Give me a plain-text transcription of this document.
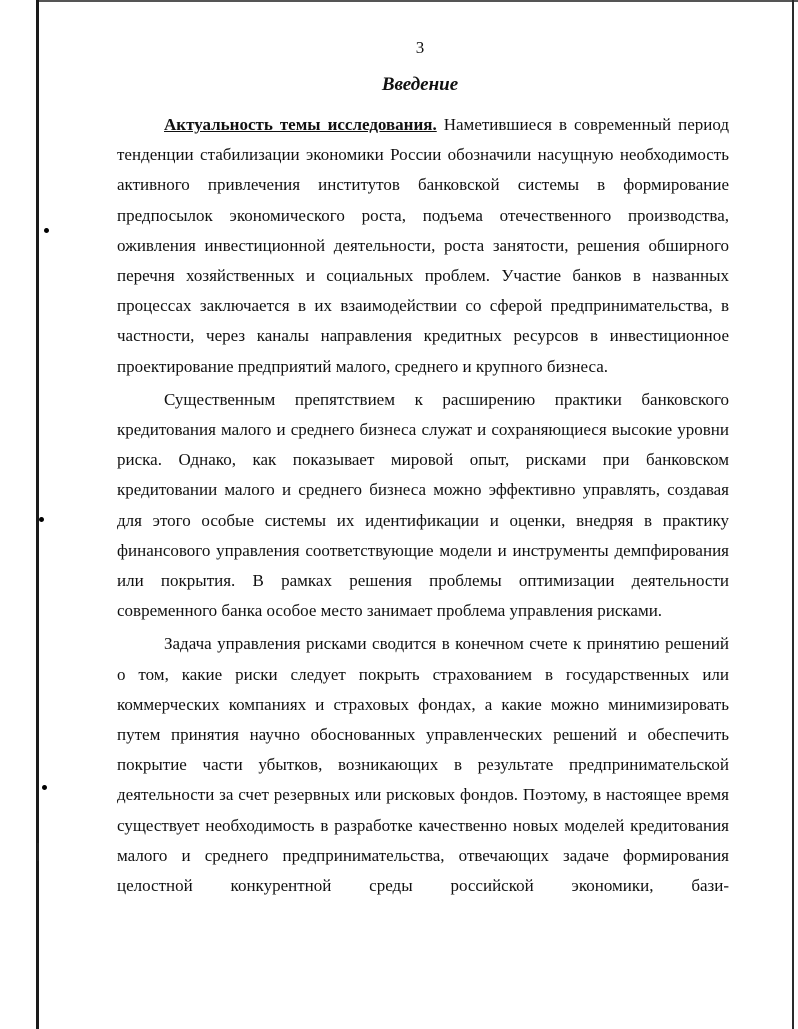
3
Введение

Актуальность темы исследования. Наметившиеся в современный период тенденции стабилизации экономики России обозначили насущную необходимость активного привлечения институтов банковской системы в формирование предпосылок экономического роста, подъема отечественного производства, оживления инвестиционной деятельности, роста занятости, решения обширного перечня хозяйственных и социальных проблем. Участие банков в названных процессах заключается в их взаимодействии со сферой предпринимательства, в частности, через каналы направления кредитных ресурсов в инвестиционное проектирование предприятий малого, среднего и крупного бизнеса.

Существенным препятствием к расширению практики банковского кредитования малого и среднего бизнеса служат и сохраняющиеся высокие уровни риска. Однако, как показывает мировой опыт, рисками при банковском кредитовании малого и среднего бизнеса можно эффективно управлять, создавая для этого особые системы их идентификации и оценки, внедряя в практику финансового управления соответствующие модели и инструменты демпфирования или покрытия. В рамках решения проблемы оптимизации деятельности современного банка особое место занимает проблема управления рисками.

Задача управления рисками сводится в конечном счете к принятию решений о том, какие риски следует покрыть страхованием в государственных или коммерческих компаниях и страховых фондах, а какие можно минимизировать путем принятия научно обоснованных управленческих решений и обеспечить покрытие части убытков, возникающих в результате предпринимательской деятельности за счет резервных или рисковых фондов. Поэтому, в настоящее время существует необходимость в разработке качественно новых моделей кредитования малого и среднего предпринимательства, отвечающих задаче формирования целостной конкурентной среды российской экономики, бази-
